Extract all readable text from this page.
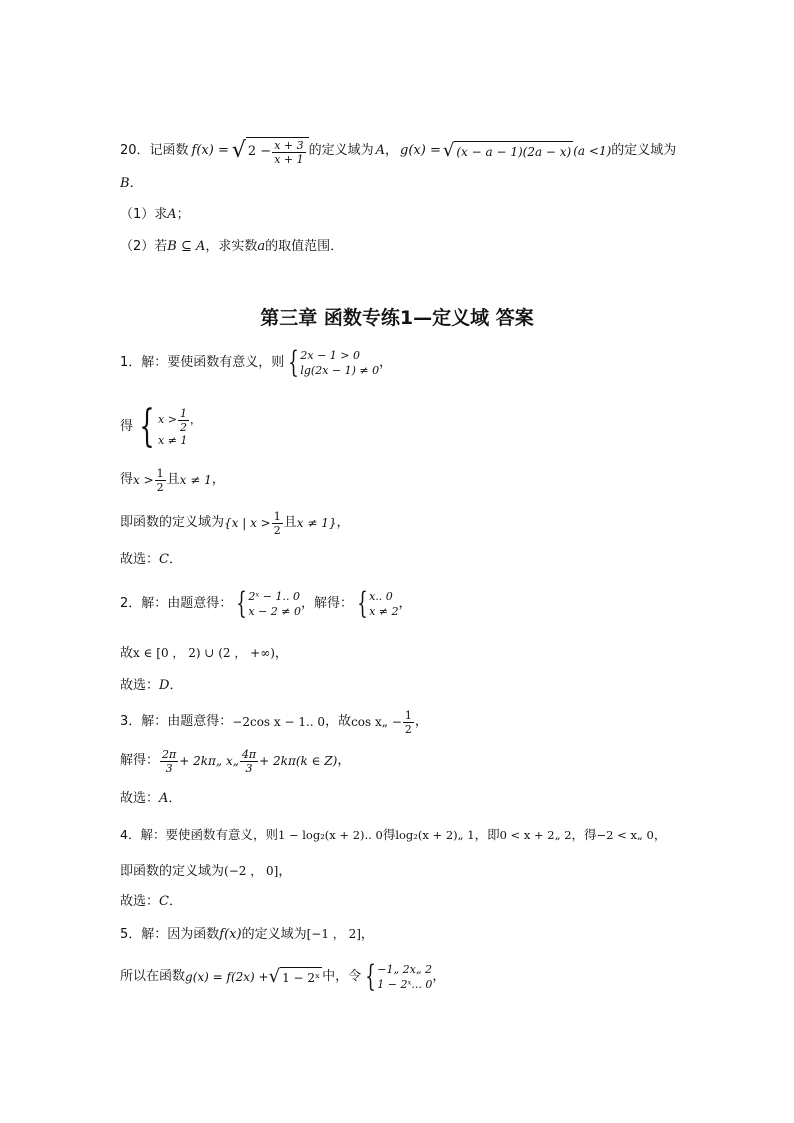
20．记函数 f(x) = √ $2 - \frac{x + 3}{x + 1}$ 的定义域为 A ， g(x) = √ (x − a − 1)(2a − x) (a <1) 的定义域为
B．
（1）求A；
（2）若B ⊆ A，求实数a的取值范围．
第三章 函数专练1—定义域 答案
1．解：要使函数有意义，则 { 2x − 1 > 0
lg(2x − 1) ≠ 0
，
得 { $x > \frac{1}{2}$ ，
x ≠ 1
得 $x > \frac{1}{2}$ 且 x ≠ 1 ，
即函数的定义域为 {x | $x > \frac{1}{2}$ 且 x ≠ 1} ，
故选：C．
2．解：由题意得： { 2ˣ − 1.. 0
x − 2 ≠ 0
，解得： { x.. 0
x ≠ 2
，
故x ∈ [0 ， 2) ∪ (2 ， +∞)，
故选：D．
3．解：由题意得： −2cos x − 1.. 0 ，故 cos x„ − $\frac{1}{2}$ ，
解得： $\frac{2\pi}{3}$ + 2kπ„ x„ $\frac{4\pi}{3} + 2k\pi(k$ ∈ Z) ，
故选：A．
4．解：要使函数有意义，则1 − log₂(x + 2).. 0得log₂(x + 2)„ 1，即0 < x + 2„ 2，得−2 < x„ 0，
即函数的定义域为(−2 ， 0]，
故选：C．
5．解：因为函数f(x)的定义域为[−1 ， 2]，
所以在函数 g(x) = f(2x) + √ 1 − 2ˣ 中，令 { −1„ 2x„ 2
1 − 2ˣ... 0
，
